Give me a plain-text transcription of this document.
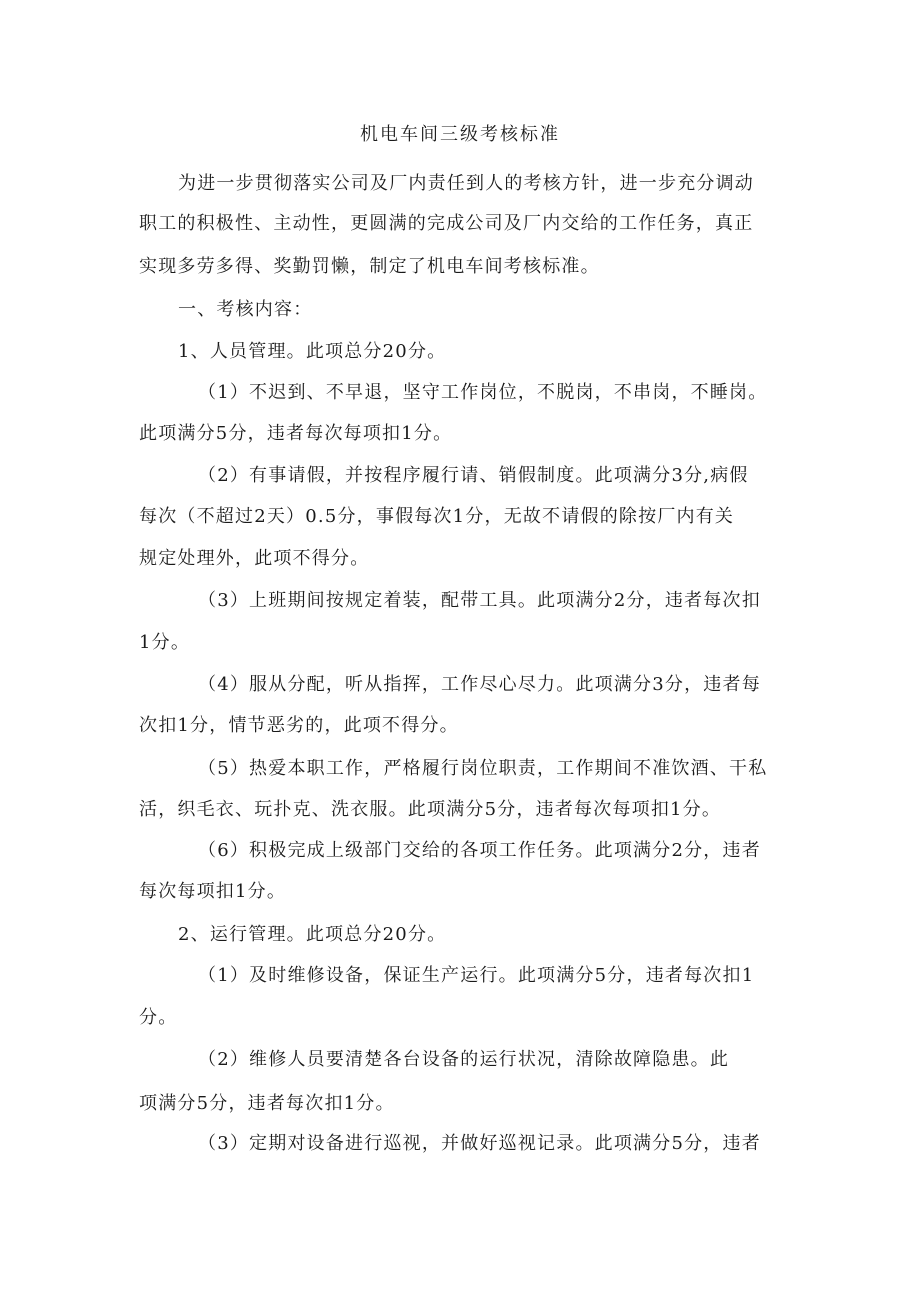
机电车间三级考核标准
为进一步贯彻落实公司及厂内责任到人的考核方针，进一步充分调动
职工的积极性、主动性，更圆满的完成公司及厂内交给的工作任务，真正
实现多劳多得、奖勤罚懒，制定了机电车间考核标准。
一、考核内容：
1、人员管理。此项总分20分。
（1）不迟到、不早退，坚守工作岗位，不脱岗，不串岗，不睡岗。
此项满分5分，违者每次每项扣1分。
（2）有事请假，并按程序履行请、销假制度。此项满分3分,病假
每次（不超过2天）0.5分，事假每次1分，无故不请假的除按厂内有关
规定处理外，此项不得分。
（3）上班期间按规定着装，配带工具。此项满分2分，违者每次扣
1分。
（4）服从分配，听从指挥，工作尽心尽力。此项满分3分，违者每
次扣1分，情节恶劣的，此项不得分。
（5）热爱本职工作，严格履行岗位职责，工作期间不准饮酒、干私
活，织毛衣、玩扑克、洗衣服。此项满分5分，违者每次每项扣1分。
（6）积极完成上级部门交给的各项工作任务。此项满分2分，违者
每次每项扣1分。
2、运行管理。此项总分20分。
（1）及时维修设备，保证生产运行。此项满分5分，违者每次扣1
分。
（2）维修人员要清楚各台设备的运行状况，清除故障隐患。此
项满分5分，违者每次扣1分。
（3）定期对设备进行巡视，并做好巡视记录。此项满分5分，违者
